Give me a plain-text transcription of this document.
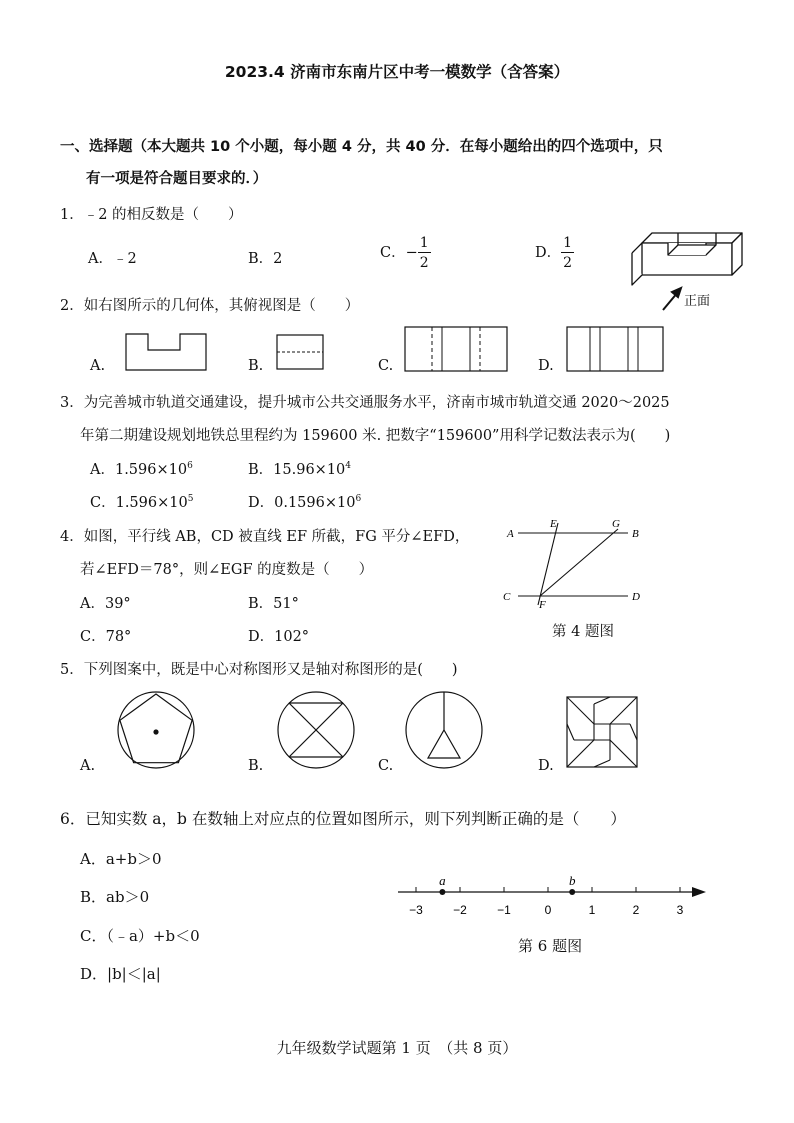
2023.4 济南市东南片区中考一模数学（含答案）
一、选择题（本大题共 10 个小题，每小题 4 分，共 40 分．在每小题给出的四个选项中，只
有一项是符合题目要求的．）
1．﹣2 的相反数是（　　）
A．﹣2	B．2	C．− $\frac{1}{2}$	D． $\frac{1}{2}$
正面
2．如右图所示的几何体，其俯视图是（　　）
A.	B.	C.	D.
3．为完善城市轨道交通建设，提升城市公共交通服务水平，济南市城市轨道交通 2020～2025
年第二期建设规划地铁总里程约为 159600 米. 把数字“159600”用科学记数法表示为(　　)
A．$1.596\times 10^6$	B．$15.96\times 10^4$
C．$1.596\times 10^5$	D．$0.1596\times 10^6$
4．如图，平行线 AB，CD 被直线 EF 所截，FG 平分∠EFD，
若∠EFD＝78°，则∠EGF 的度数是（　　）
A．39°	B．51°
C．78°	D．102°
A	B
C	D
E
F
G
第 4 题图
5．下列图案中，既是中心对称图形又是轴对称图形的是(　　)
A.	B.	C.	D.
6．已知实数 a，b 在数轴上对应点的位置如图所示，则下列判断正确的是（　　）
A．a+b＞0
B．ab＞0
C．（﹣a）+b＜0
D．|b|＜|a|
−3	−2	−1	0	1	2	3
a	b
第 6 题图
九年级数学试题第 1 页　（共 8 页）
